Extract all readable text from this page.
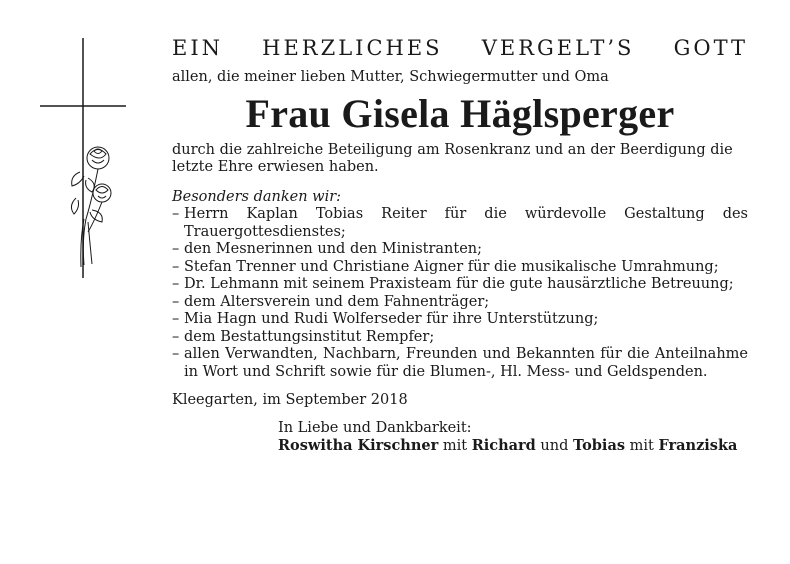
EIN HERZLICHES VERGELT’S GOTT

allen, die meiner lieben Mutter, Schwiegermutter und Oma

Frau Gisela Häglsperger

durch die zahlreiche Beteiligung am Rosenkranz und an der Beerdigung die letzte Ehre erwiesen haben.

Besonders danken wir:

– Herrn Kaplan Tobias Reiter für die würdevolle Gestaltung des Trauergottesdienstes;
– den Mesnerinnen und den Ministranten;
– Stefan Trenner und Christiane Aigner für die musikalische Umrahmung;
– Dr. Lehmann mit seinem Praxisteam für die gute hausärztliche Betreuung;
– dem Altersverein und dem Fahnenträger;
– Mia Hagn und Rudi Wolferseder für ihre Unterstützung;
– dem Bestattungsinstitut Rempfer;
– allen Verwandten, Nachbarn, Freunden und Bekannten für die Anteilnahme in Wort und Schrift sowie für die Blumen-, Hl. Mess- und Geldspenden.

Kleegarten, im September 2018

In Liebe und Dankbarkeit:
Roswitha Kirschner mit Richard und Tobias mit Franziska
